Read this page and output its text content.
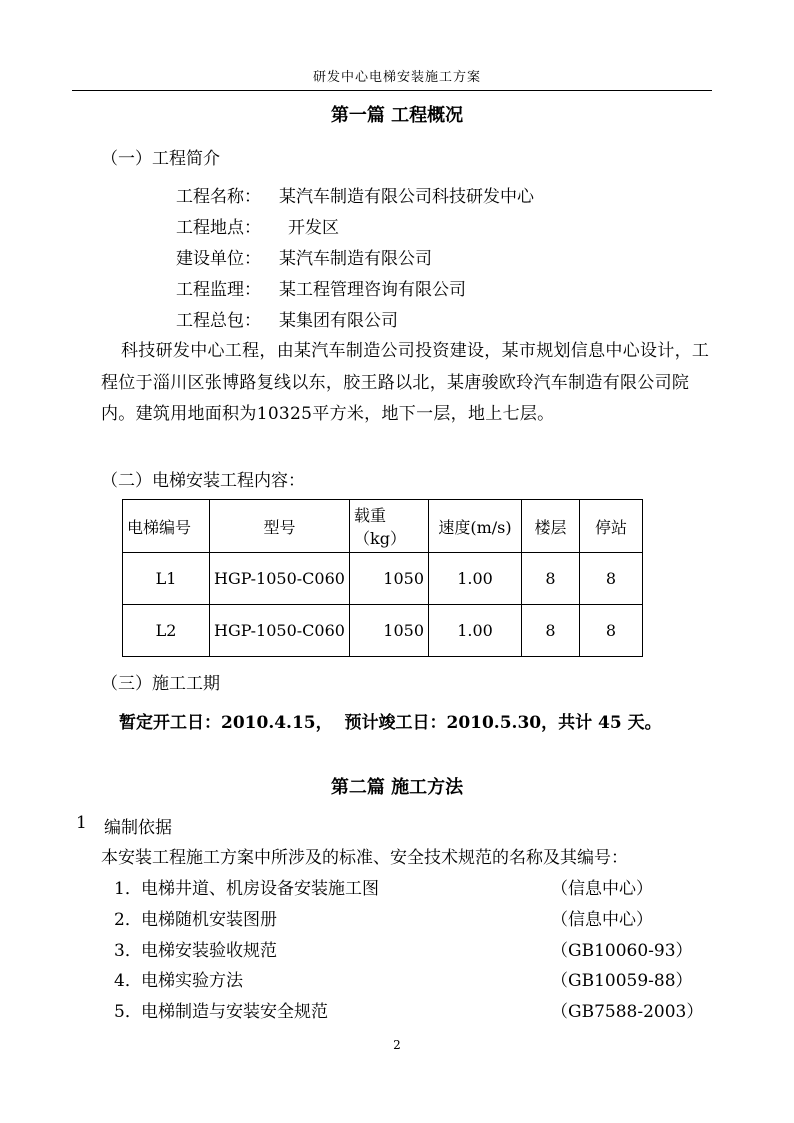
研发中心电梯安装施工方案
第一篇 工程概况
（一）工程简介
工程名称： 某汽车制造有限公司科技研发中心
工程地点： 开发区
建设单位： 某汽车制造有限公司
工程监理： 某工程管理咨询有限公司
工程总包： 某集团有限公司
科技研发中心工程，由某汽车制造公司投资建设，某市规划信息中心设计，工程位于淄川区张博路复线以东，胶王路以北，某唐骏欧玲汽车制造有限公司院内。建筑用地面积为10325平方米，地下一层，地上七层。
（二）电梯安装工程内容：
电梯编号	型号	载重（kg）	速度(m/s)	楼层	停站
L1	HGP-1050-C060	1050	1.00	8	8
L2	HGP-1050-C060	1050	1.00	8	8
（三）施工工期
暂定开工日：2010.4.15，  预计竣工日：2010.5.30，共计 45 天。
第二篇 施工方法
1 编制依据
本安装工程施工方案中所涉及的标准、安全技术规范的名称及其编号：
1． 电梯井道、机房设备安装施工图	（信息中心）
2． 电梯随机安装图册	（信息中心）
3． 电梯安装验收规范	（GB10060-93）
4． 电梯实验方法	（GB10059-88）
5． 电梯制造与安装安全规范	（GB7588-2003）
2
